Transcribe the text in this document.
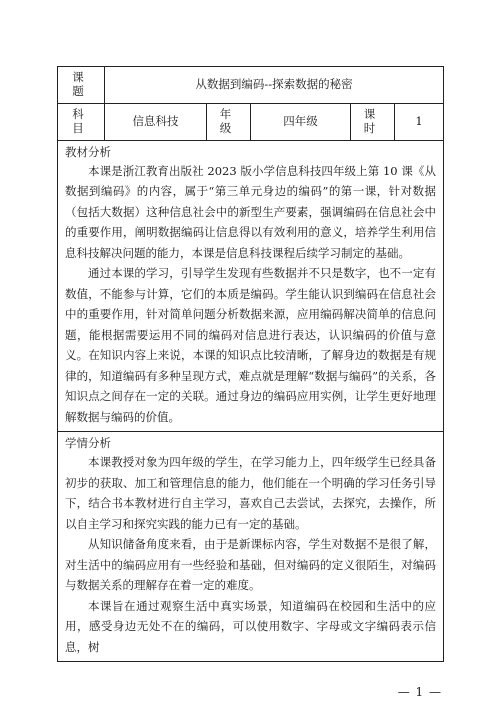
课　题	从数据到编码--探索数据的秘密				
科　目	信息科技	年　级	四年级	课　时	1

教材分析

本课是浙江教育出版社 2023 版小学信息科技四年级上第 10 课《从数据到编码》的内容，属于“第三单元身边的编码”的第一课，针对数据（包括大数据）这种信息社会中的新型生产要素，强调编码在信息社会中的重要作用，阐明数据编码让信息得以有效利用的意义，培养学生利用信息科技解决问题的能力，本课是信息科技课程后续学习制定的基础。

通过本课的学习，引导学生发现有些数据并不只是数字，也不一定有数值，不能参与计算，它们的本质是编码。学生能认识到编码在信息社会中的重要作用，针对简单问题分析数据来源，应用编码解决简单的信息问题，能根据需要运用不同的编码对信息进行表达，认识编码的价值与意义。在知识内容上来说，本课的知识点比较清晰，了解身边的数据是有规律的，知道编码有多种呈现方式，难点就是理解“数据与编码”的关系，各知识点之间存在一定的关联。通过身边的编码应用实例，让学生更好地理解数据与编码的价值。					

学情分析

本课教授对象为四年级的学生，在学习能力上，四年级学生已经具备初步的获取、加工和管理信息的能力，他们能在一个明确的学习任务引导下，结合书本教材进行自主学习，喜欢自己去尝试，去探究，去操作，所以自主学习和探究实践的能力已有一定的基础。

从知识储备角度来看，由于是新课标内容，学生对数据不是很了解，对生活中的编码应用有一些经验和基础，但对编码的定义很陌生，对编码与数据关系的理解存在着一定的难度。

本课旨在通过观察生活中真实场景，知道编码在校园和生活中的应用，感受身边无处不在的编码，可以使用数字、字母或文字编码表示信息，树					

— 1 —
